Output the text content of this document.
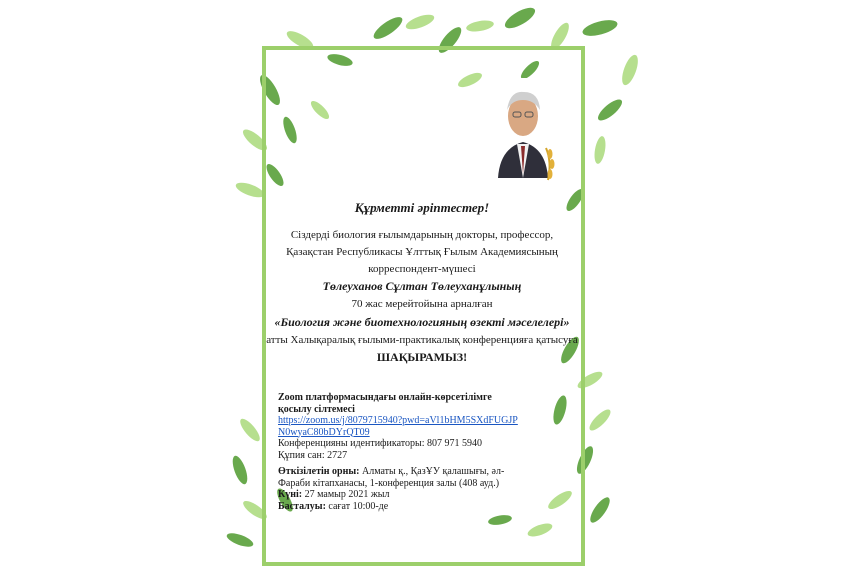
Құрметті әріптестер!
Сіздерді биология ғылымдарының докторы, профессор,
Қазақстан Республикасы Ұлттық Ғылым Академиясының
корреспондент-мүшесі
Төлеуханов Сұлтан Төлеуханұлының
70 жас мерейтойына арналған
«Биология және биотехнологияның өзекті мәселелері»
атты Халықаралық ғылыми-практикалық конференцияға қатысуға
ШАҚЫРАМЫЗ!
Zoom платформасындағы онлайн-көрсетілімге
қосылу сілтемесі
https://zoom.us/j/8079715940?pwd=aVl1bHM5SXdFUGJPN0wyaC80bDYrQT09
Конференцияны идентификаторы: 807 971 5940
Құпия сан: 2727
Өткізілетін орны: Алматы қ., ҚазҰУ қалашығы, әл-Фараби кітапханасы, 1-конференция залы (408 ауд.)
Күні: 27 мамыр 2021 жыл
Басталуы: сағат 10:00-де
